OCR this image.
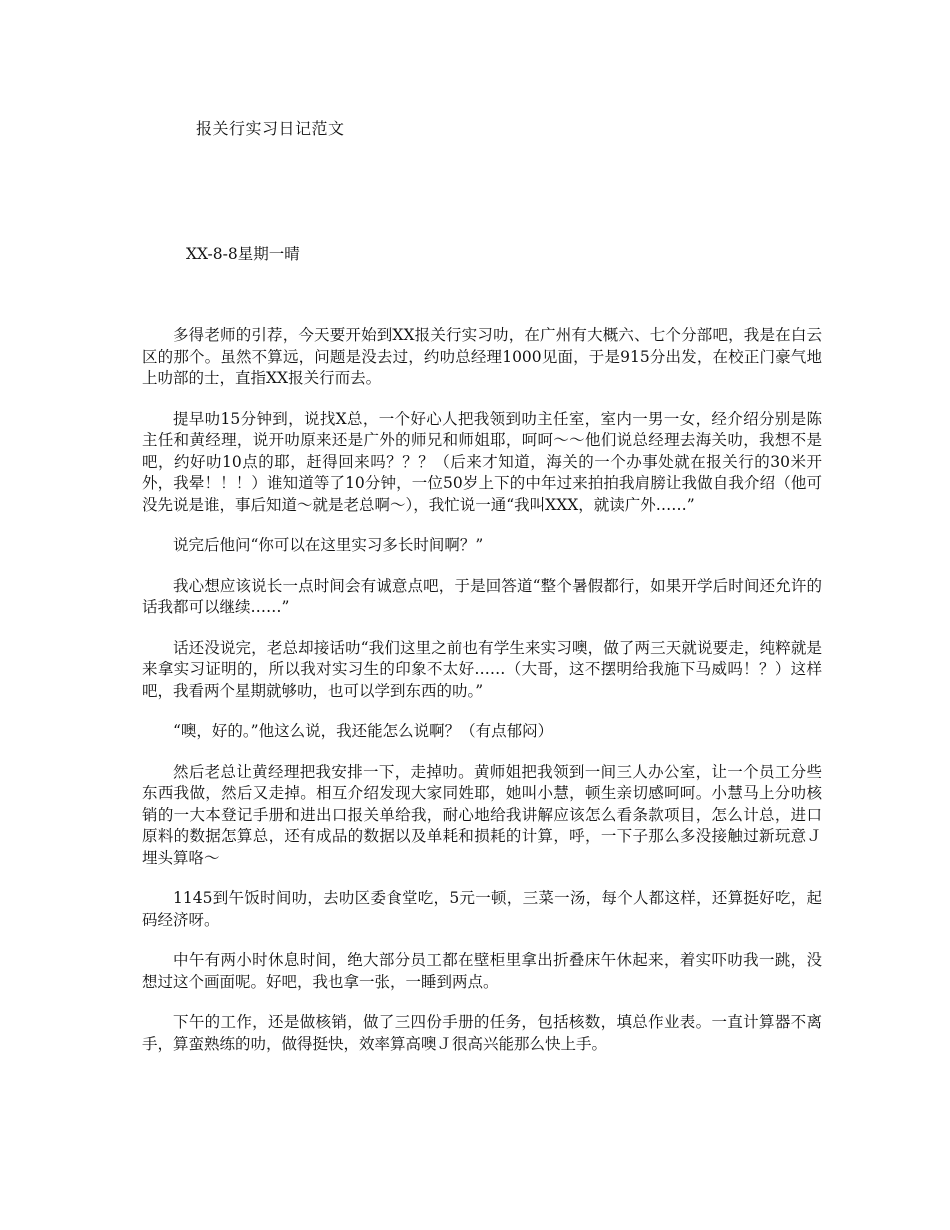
报关行实习日记范文
XX-8-8星期一晴

多得老师的引荐，今天要开始到XX报关行实习叻，在广州有大概六、七个分部吧，我是在白云区的那个。虽然不算远，问题是没去过，约叻总经理1000见面，于是915分出发，在校正门豪气地上叻部的士，直指XX报关行而去。

提早叻15分钟到，说找X总，一个好心人把我领到叻主任室，室内一男一女，经介绍分别是陈主任和黄经理，说开叻原来还是广外的师兄和师姐耶，呵呵～～他们说总经理去海关叻，我想不是吧，约好叻10点的耶，赶得回来吗？？？（后来才知道，海关的一个办事处就在报关行的30米开外，我晕！！！）谁知道等了10分钟，一位50岁上下的中年过来拍拍我肩膀让我做自我介绍（他可没先说是谁，事后知道～就是老总啊～），我忙说一通“我叫XXX，就读广外……”

说完后他问“你可以在这里实习多长时间啊？”

我心想应该说长一点时间会有诚意点吧，于是回答道“整个暑假都行，如果开学后时间还允许的话我都可以继续……”

话还没说完，老总却接话叻“我们这里之前也有学生来实习噢，做了两三天就说要走，纯粹就是来拿实习证明的，所以我对实习生的印象不太好……（大哥，这不摆明给我施下马威吗！？）这样吧，我看两个星期就够叻，也可以学到东西的叻。”

“噢，好的。”他这么说，我还能怎么说啊？（有点郁闷）

然后老总让黄经理把我安排一下，走掉叻。黄师姐把我领到一间三人办公室，让一个员工分些东西我做，然后又走掉。相互介绍发现大家同姓耶，她叫小慧，顿生亲切感呵呵。小慧马上分叻核销的一大本登记手册和进出口报关单给我，耐心地给我讲解应该怎么看条款项目，怎么计总，进口原料的数据怎算总，还有成品的数据以及单耗和损耗的计算，呼，一下子那么多没接触过新玩意Ｊ埋头算咯～

1145到午饭时间叻，去叻区委食堂吃，5元一顿，三菜一汤，每个人都这样，还算挺好吃，起码经济呀。

中午有两小时休息时间，绝大部分员工都在壁柜里拿出折叠床午休起来，着实吓叻我一跳，没想过这个画面呢。好吧，我也拿一张，一睡到两点。

下午的工作，还是做核销，做了三四份手册的任务，包括核数，填总作业表。一直计算器不离手，算蛮熟练的叻，做得挺快，效率算高噢Ｊ很高兴能那么快上手。
